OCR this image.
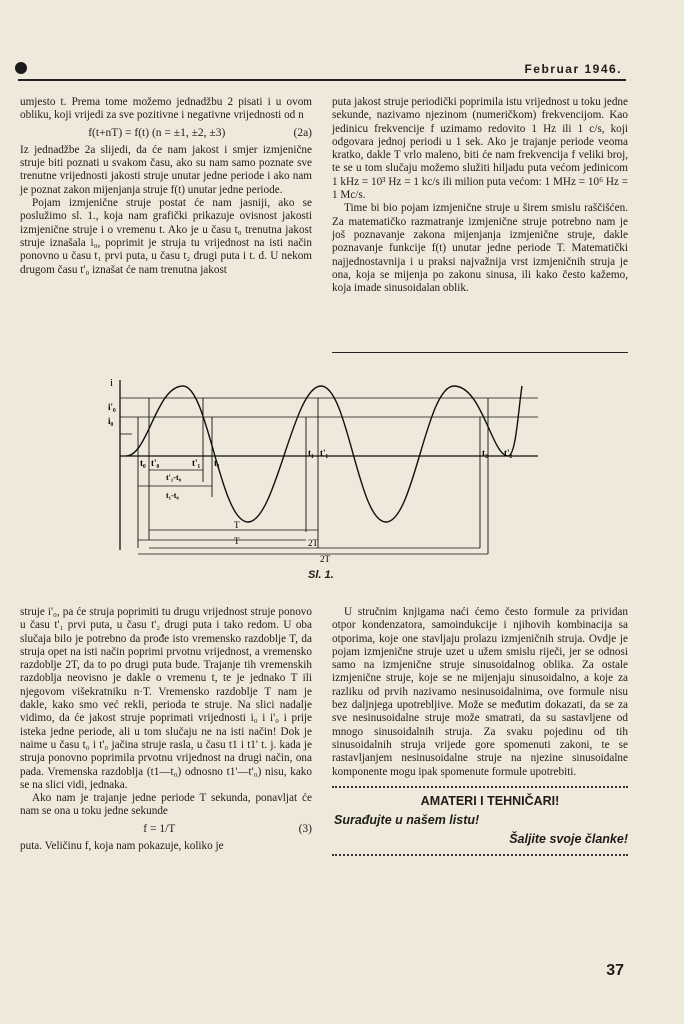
Februar 1946.

umjesto t. Prema tome možemo jednadžbu 2 pisati i u ovom obliku, koji vrijedi za sve pozitivne i negativne vrijednosti od n

f(t+nT) = f(t) (n = ±1, ±2, ±3)	(2a)

Iz jednadžbe 2a slijedi, da će nam jakost i smjer izmjenične struje biti poznati u svakom času, ako su nam samo poznate sve trenutne vrijednosti jakosti struje unutar jedne periode i ako nam je poznat zakon mijenjanja struje f(t) unutar jedne periode.

Pojam izmjenične struje postat će nam jasniji, ako se poslužimo sl. 1., koja nam grafički prikazuje ovisnost jakosti izmjenične struje i o vremenu t. Ako je u času t₀ trenutna jakost struje iznašala i₀, poprimit je struja tu vrijednost na isti način ponovno u času t₁ prvi puta, u času t₂ drugi puta i t. d. U nekom drugom času t'₀ iznašat će nam trenutna jakost

puta jakost struje periodički poprimila istu vrijednost u toku jedne sekunde, nazivamo njezinom (numeričkom) frekvencijom. Kao jedinicu frekvencije f uzimamo redovito 1 Hz ili 1 c/s, koji odgovara jednoj periodi u 1 sek. Ako je trajanje periode veoma kratko, dakle T vrlo maleno, biti će nam frekvencija f veliki broj, te se u tom slučaju možemo služiti hiljadu puta većom jedinicom 1 kHz = 10³ Hz = 1 kc/s ili milion puta većom: 1 MHz = 10⁶ Hz = 1 Mc/s.

Time bi bio pojam izmjenične struje u širem smislu raščišćen. Za matematičko razmatranje izmjenične struje potrebno nam je još poznavanje zakona mijenjanja izmjenične struje, dakle poznavanje funkcije f(t) unutar jedne periode T. Matematički najjednostavnija i u praksi najvažnija vrst izmjeničnih struja je ona, koja se mijenja po zakonu sinusa, ili kako često kažemo, koja imade sinusoidalan oblik.

i
i'₀
i₀
t₀ t'₀	t'₁ t₁
t₁ t'₁	t₂ t'₂
t'₁-t₀
t₁-t₀
T
T	2T
2T
Sl. 1.

struje i'₀, pa će struja poprimiti tu drugu vrijednost struje ponovo u času t'₁ prvi puta, u času t'₂ drugi puta i tako redom. U oba slučaja bilo je potrebno da prođe isto vremensko razdoblje T, da struja opet na isti način poprimi prvotnu vrijednost, a vremensko razdoblje 2T, da to po drugi puta bude. Trajanje tih vremenskih razdoblja neovisno je dakle o vremenu t, te je jednako T ili njegovom višekratniku n·T. Vremensko razdoblje T nam je dakle, kako smo već rekli, perioda te struje. Na slici nadalje vidimo, da će jakost struje poprimati vrijednosti i₀ i i'₀ i prije isteka jedne periode, ali u tom slučaju ne na isti način! Dok je naime u času t₀ i t'₀ jačina struje rasla, u času t1 i t1' t. j. kada je struja ponovno poprimila prvotnu vrijednost na drugi način, ona pada. Vremenska razdoblja (t1—t₀) odnosno t1'—t'₀) nisu, kako se na slici vidi, jednaka.

Ako nam je trajanje jedne periode T sekunda, ponavljat će nam se ona u toku jedne sekunde

f = 1/T	(3)

puta. Veličinu f, koja nam pokazuje, koliko je

U stručnim knjigama naći ćemo često formule za prividan otpor kondenzatora, samoindukcije i njihovih kombinacija sa otporima, koje one stavljaju prolazu izmjeničnih struja. Ovdje je pojam izmjenične struje uzet u užem smislu riječi, jer se odnosi samo na izmjenične struje sinusoidalnog oblika. Za ostale izmjenične struje, koje se ne mijenjaju sinusoidalno, a koje za razliku od prvih nazivamo nesinusoidalnima, ove formule nisu bez daljnjega upotrebljive. Može se međutim dokazati, da se za sve nesinusoidalne struje može smatrati, da su sastavljene od mnogo sinusoidalnih struja. Za svaku pojedinu od tih sinusoidalnih struja vrijede gore spomenuti zakoni, te se rastavljanjem nesinusoidalne struje na njezine sinusoidalne komponente mogu ipak spomenute formule upotrebiti.

AMATERI I TEHNIČARI!
Surađujte u našem listu!
Šaljite svoje članke!
37
